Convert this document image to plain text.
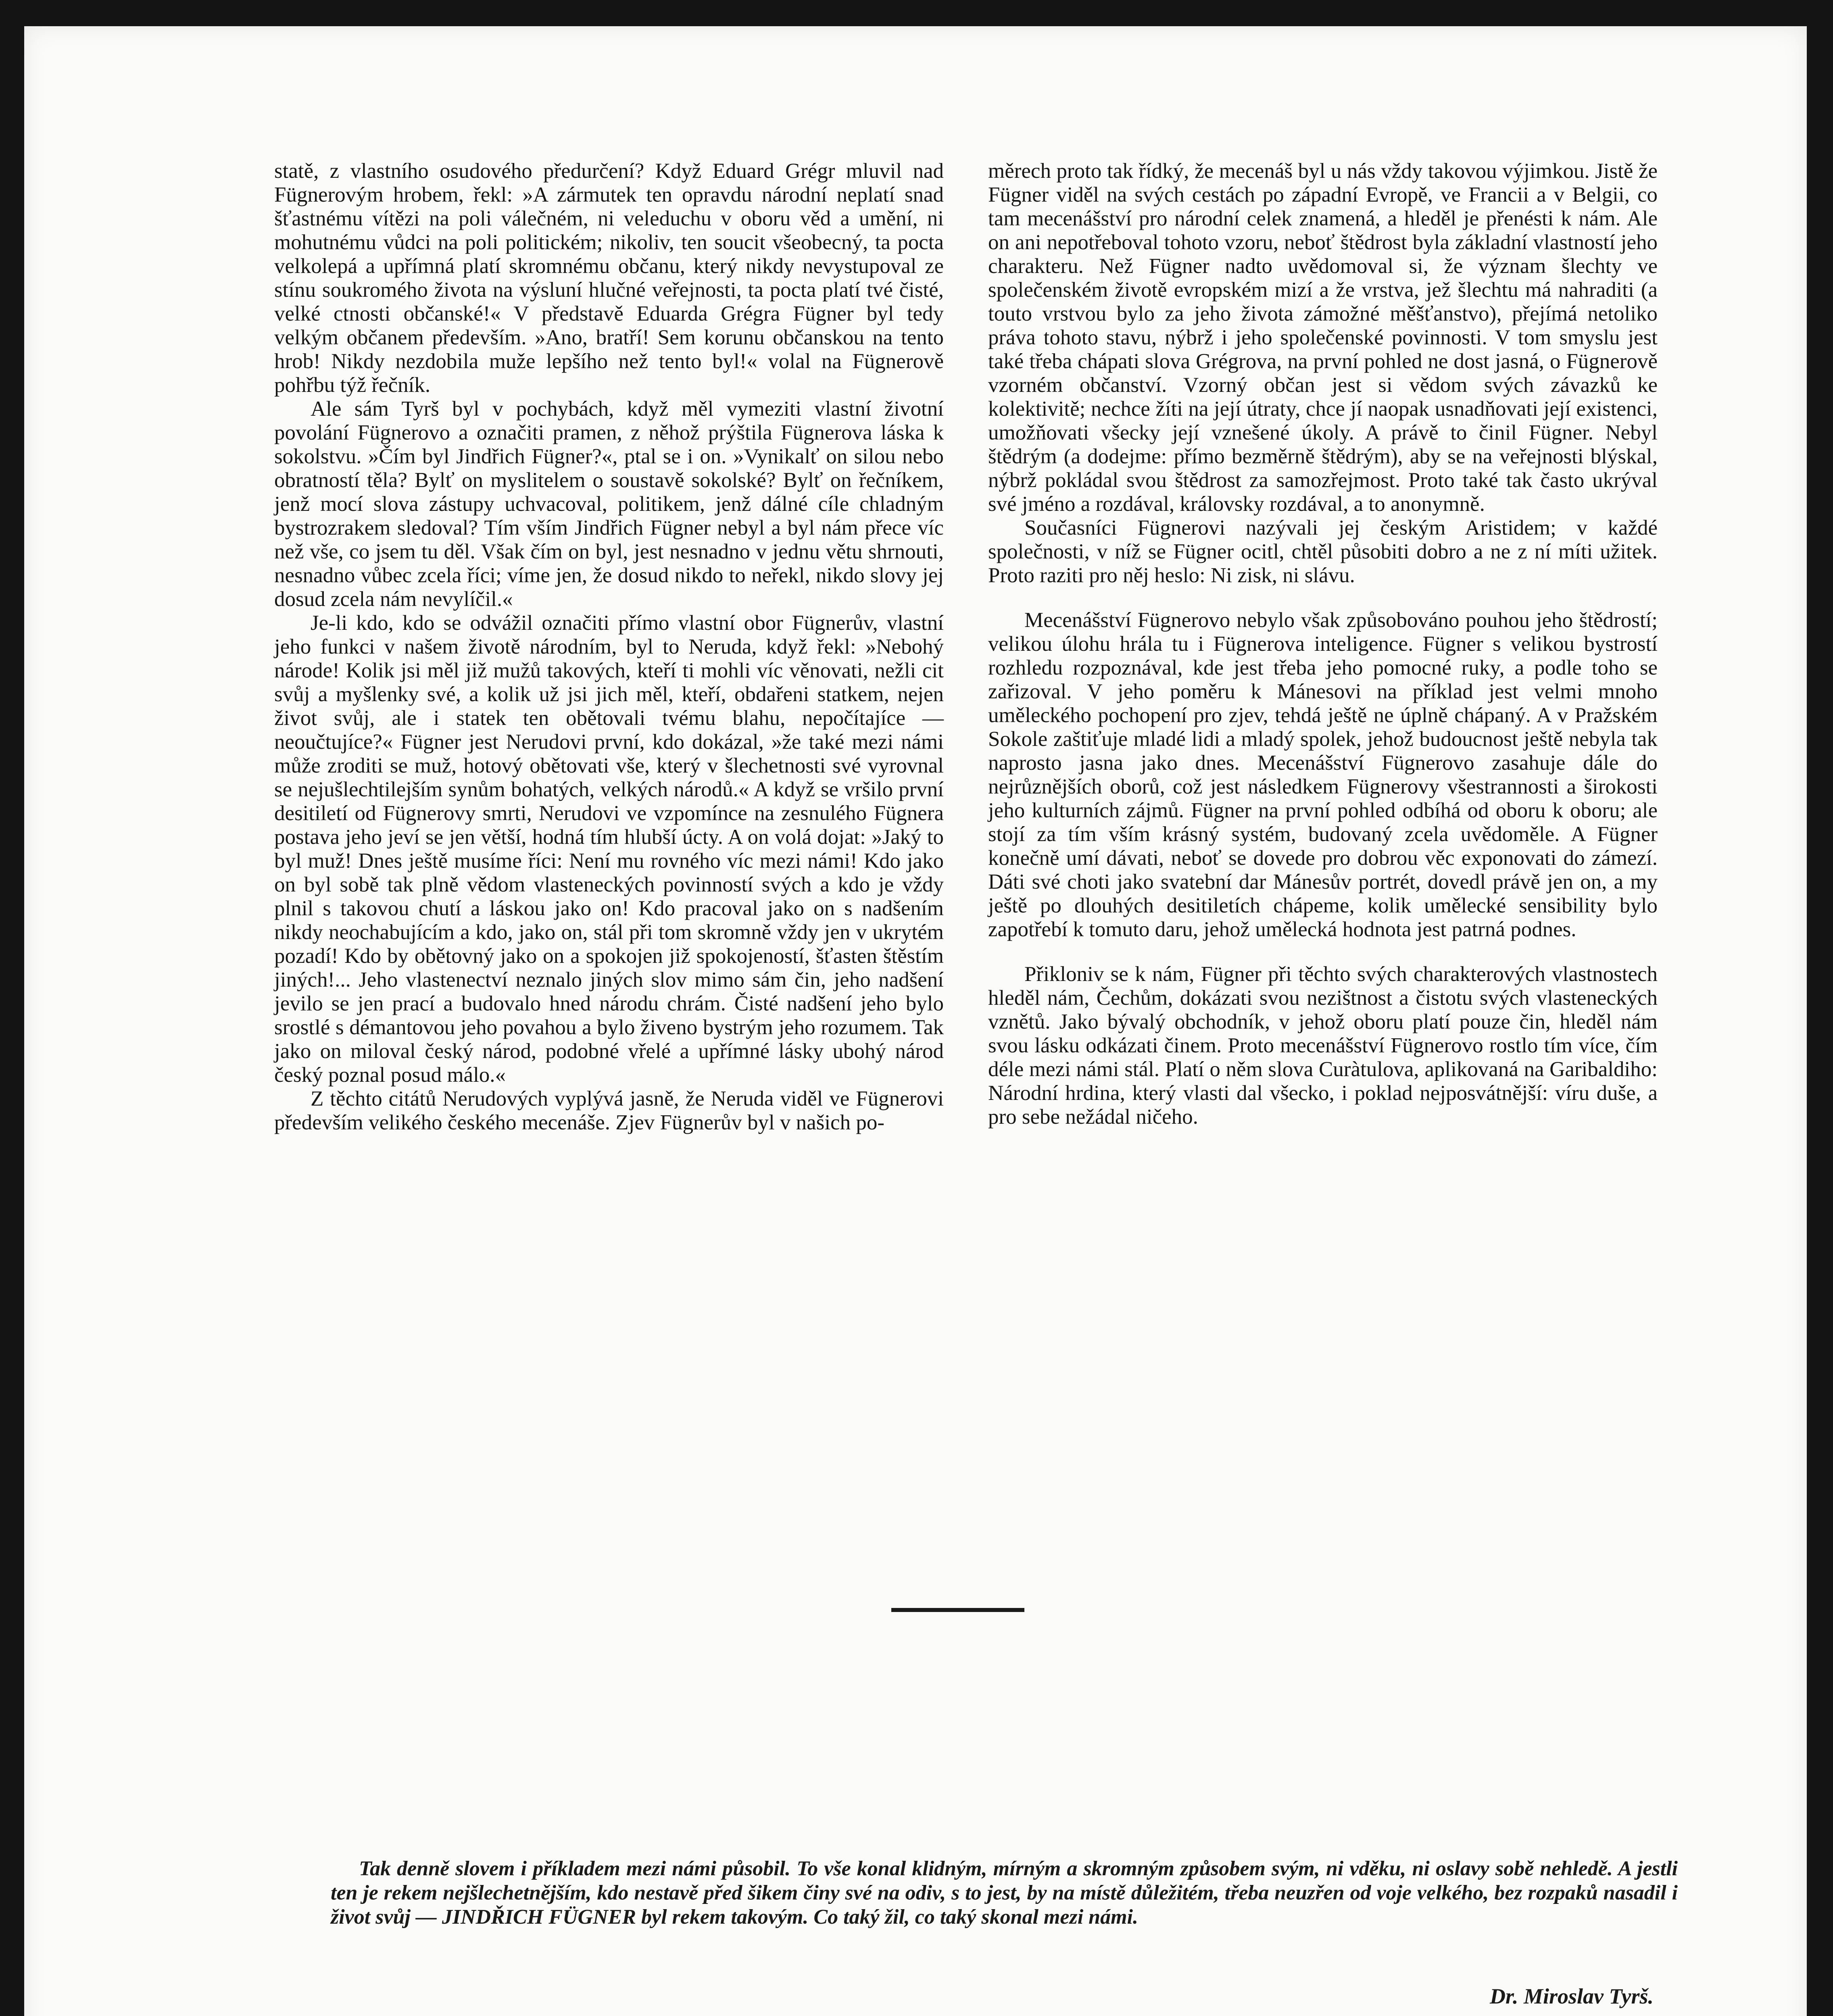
statě, z vlastního osudového předurčení? Když Eduard Grégr mluvil nad Fügnerovým hrobem, řekl: »A zármutek ten opravdu národní neplatí snad šťastnému vítězi na poli válečném, ni veleduchu v oboru věd a umění, ni mohutnému vůdci na poli politickém; nikoliv, ten soucit všeobecný, ta pocta velkolepá a upřímná platí skromnému občanu, který nikdy nevystupoval ze stínu soukromého života na výsluní hlučné veřejnosti, ta pocta platí tvé čisté, velké ctnosti občanské!« V představě Eduarda Grégra Fügner byl tedy velkým občanem především. »Ano, bratří! Sem korunu občanskou na tento hrob! Nikdy nezdobila muže lepšího než tento byl!« volal na Fügnerově pohřbu týž řečník.

Ale sám Tyrš byl v pochybách, když měl vymeziti vlastní životní povolání Fügnerovo a označiti pramen, z něhož prýštila Fügnerova láska k sokolstvu. »Čím byl Jindřich Fügner?«, ptal se i on. »Vynikalť on silou nebo obratností těla? Bylť on myslitelem o soustavě sokolské? Bylť on řečníkem, jenž mocí slova zástupy uchvacoval, politikem, jenž dálné cíle chladným bystrozrakem sledoval? Tím vším Jindřich Fügner nebyl a byl nám přece víc než vše, co jsem tu děl. Však čím on byl, jest nesnadno v jednu větu shrnouti, nesnadno vůbec zcela říci; víme jen, že dosud nikdo to neřekl, nikdo slovy jej dosud zcela nám nevylíčil.«

Je-li kdo, kdo se odvážil označiti přímo vlastní obor Fügnerův, vlastní jeho funkci v našem životě národním, byl to Neruda, když řekl: »Nebohý národe! Kolik jsi měl již mužů takových, kteří ti mohli víc věnovati, nežli cit svůj a myšlenky své, a kolik už jsi jich měl, kteří, obdařeni statkem, nejen život svůj, ale i statek ten obětovali tvému blahu, nepočítajíce — neoučtujíce?« Fügner jest Nerudovi první, kdo dokázal, »že také mezi námi může zroditi se muž, hotový obětovati vše, který v šlechetnosti své vyrovnal se nejušlechtilejším synům bohatých, velkých národů.« A když se vršilo první desitiletí od Fügnerovy smrti, Nerudovi ve vzpomínce na zesnulého Fügnera postava jeho jeví se jen větší, hodná tím hlubší úcty. A on volá dojat: »Jaký to byl muž! Dnes ještě musíme říci: Není mu rovného víc mezi námi! Kdo jako on byl sobě tak plně vědom vlasteneckých povinností svých a kdo je vždy plnil s takovou chutí a láskou jako on! Kdo pracoval jako on s nadšením nikdy neochabujícím a kdo, jako on, stál při tom skromně vždy jen v ukrytém pozadí! Kdo by obětovný jako on a spokojen již spokojeností, šťasten štěstím jiných!... Jeho vlastenectví neznalo jiných slov mimo sám čin, jeho nadšení jevilo se jen prací a budovalo hned národu chrám. Čisté nadšení jeho bylo srostlé s démantovou jeho povahou a bylo živeno bystrým jeho rozumem. Tak jako on miloval český národ, podobné vřelé a upřímné lásky ubohý národ český poznal posud málo.«

Z těchto citátů Nerudových vyplývá jasně, že Neruda viděl ve Fügnerovi především velikého českého mecenáše. Zjev Fügnerův byl v našich po-

měrech proto tak řídký, že mecenáš byl u nás vždy takovou výjimkou. Jistě že Fügner viděl na svých cestách po západní Evropě, ve Francii a v Belgii, co tam mecenášství pro národní celek znamená, a hleděl je přenésti k nám. Ale on ani nepotřeboval tohoto vzoru, neboť štědrost byla základní vlastností jeho charakteru. Než Fügner nadto uvědomoval si, že význam šlechty ve společenském životě evropském mizí a že vrstva, jež šlechtu má nahraditi (a touto vrstvou bylo za jeho života zámožné měšťanstvo), přejímá netoliko práva tohoto stavu, nýbrž i jeho společenské povinnosti. V tom smyslu jest také třeba chápati slova Grégrova, na první pohled ne dost jasná, o Fügnerově vzorném občanství. Vzorný občan jest si vědom svých závazků ke kolektivitě; nechce žíti na její útraty, chce jí naopak usnadňovati její existenci, umožňovati všecky její vznešené úkoly. A právě to činil Fügner. Nebyl štědrým (a dodejme: přímo bezměrně štědrým), aby se na veřejnosti blýskal, nýbrž pokládal svou štědrost za samozřejmost. Proto také tak často ukrýval své jméno a rozdával, královsky rozdával, a to anonymně.

Současníci Fügnerovi nazývali jej českým Aristidem; v každé společnosti, v níž se Fügner ocitl, chtěl působiti dobro a ne z ní míti užitek. Proto raziti pro něj heslo: Ni zisk, ni slávu.

Mecenášství Fügnerovo nebylo však způsobováno pouhou jeho štědrostí; velikou úlohu hrála tu i Fügnerova inteligence. Fügner s velikou bystrostí rozhledu rozpoznával, kde jest třeba jeho pomocné ruky, a podle toho se zařizoval. V jeho poměru k Mánesovi na příklad jest velmi mnoho uměleckého pochopení pro zjev, tehdá ještě ne úplně chápaný. A v Pražském Sokole zaštiťuje mladé lidi a mladý spolek, jehož budoucnost ještě nebyla tak naprosto jasna jako dnes. Mecenášství Fügnerovo zasahuje dále do nejrůznějších oborů, což jest následkem Fügnerovy všestrannosti a širokosti jeho kulturních zájmů. Fügner na první pohled odbíhá od oboru k oboru; ale stojí za tím vším krásný systém, budovaný zcela uvědoměle. A Fügner konečně umí dávati, neboť se dovede pro dobrou věc exponovati do zámezí. Dáti své choti jako svatební dar Mánesův portrét, dovedl právě jen on, a my ještě po dlouhých desitiletích chápeme, kolik umělecké sensibility bylo zapotřebí k tomuto daru, jehož umělecká hodnota jest patrná podnes.

Přikloniv se k nám, Fügner při těchto svých charakterových vlastnostech hleděl nám, Čechům, dokázati svou nezištnost a čistotu svých vlasteneckých vznětů. Jako bývalý obchodník, v jehož oboru platí pouze čin, hleděl nám svou lásku odkázati činem. Proto mecenášství Fügnerovo rostlo tím více, čím déle mezi námi stál. Platí o něm slova Curàtulova, aplikovaná na Garibaldiho: Národní hrdina, který vlasti dal všecko, i poklad nejposvátnější: víru duše, a pro sebe nežádal ničeho.

Tak denně slovem i příkladem mezi námi působil. To vše konal klidným, mírným a skromným způsobem svým, ni vděku, ni oslavy sobě nehledě. A jestli ten je rekem nejšlechetnějším, kdo nestavě před šikem činy své na odiv, s to jest, by na místě důležitém, třeba neuzřen od voje velkého, bez rozpaků nasadil i život svůj — JINDŘICH FÜGNER byl rekem takovým. Co taký žil, co taký skonal mezi námi.
Dr. Miroslav Tyrš.
